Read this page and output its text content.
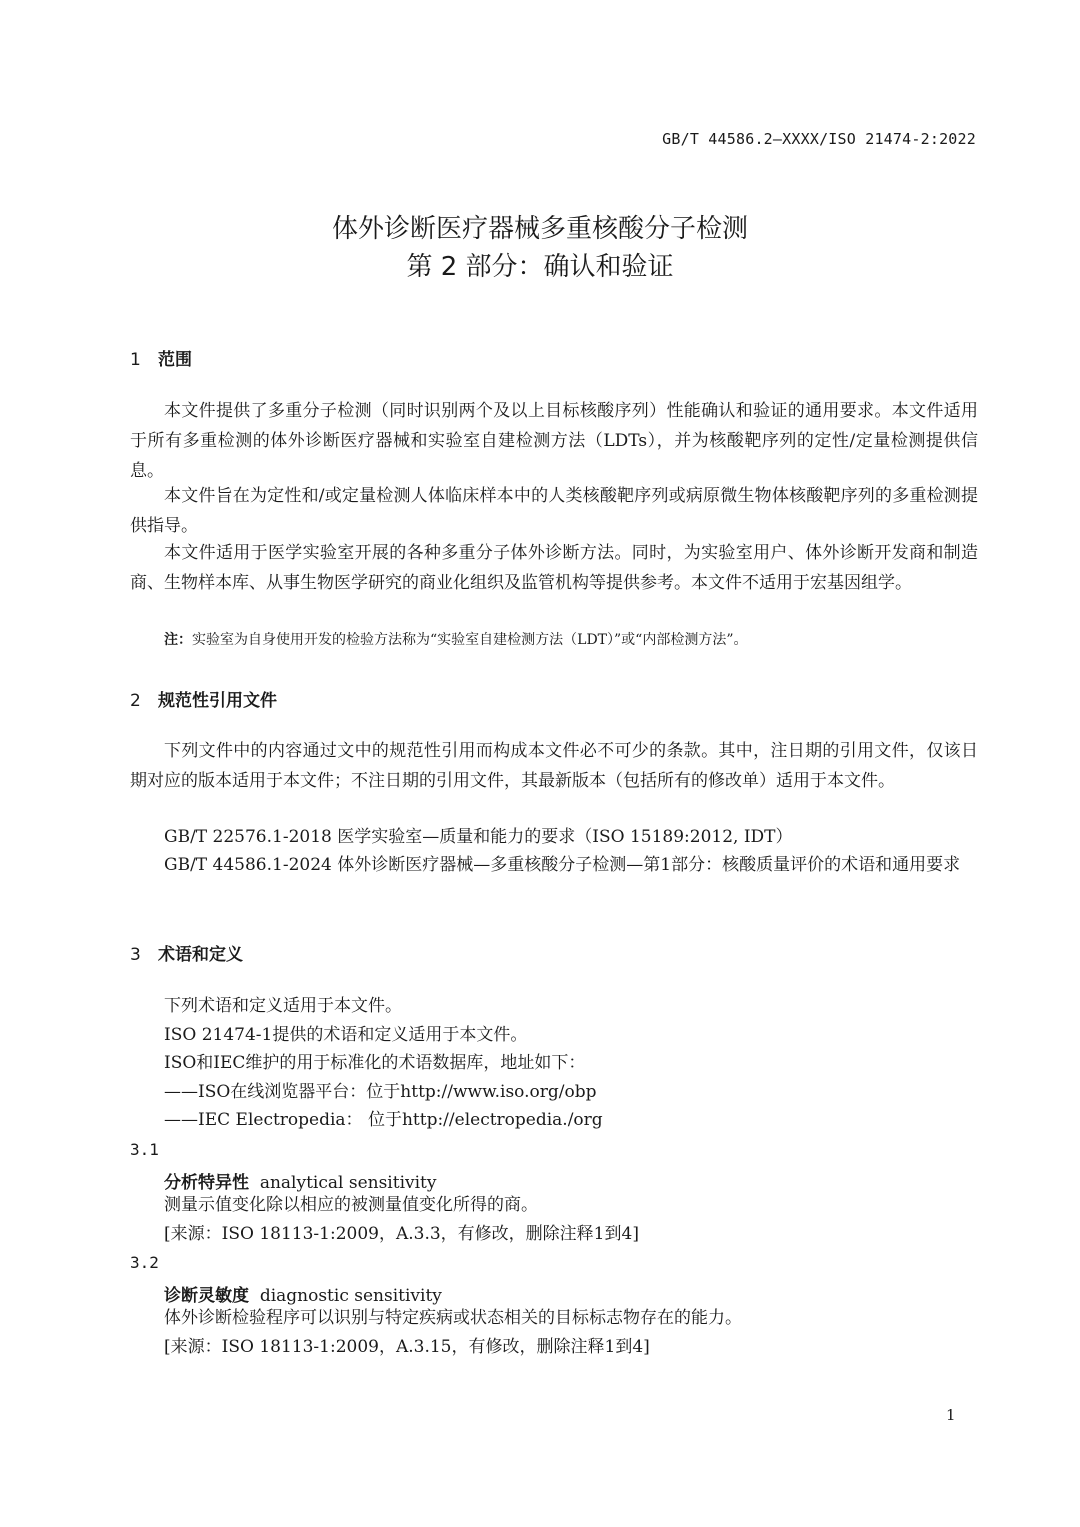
GB/T 44586.2—XXXX/ISO 21474-2:2022
体外诊断医疗器械多重核酸分子检测
第 2 部分：确认和验证
1 范围
本文件提供了多重分子检测（同时识别两个及以上目标核酸序列）性能确认和验证的通用要求。本文件适用于所有多重检测的体外诊断医疗器械和实验室自建检测方法（LDTs），并为核酸靶序列的定性/定量检测提供信息。
本文件旨在为定性和/或定量检测人体临床样本中的人类核酸靶序列或病原微生物体核酸靶序列的多重检测提供指导。
本文件适用于医学实验室开展的各种多重分子体外诊断方法。同时，为实验室用户、体外诊断开发商和制造商、生物样本库、从事生物医学研究的商业化组织及监管机构等提供参考。本文件不适用于宏基因组学。
注：实验室为自身使用开发的检验方法称为“实验室自建检测方法（LDT）”或“内部检测方法”。
2 规范性引用文件
下列文件中的内容通过文中的规范性引用而构成本文件必不可少的条款。其中，注日期的引用文件，仅该日期对应的版本适用于本文件；不注日期的引用文件，其最新版本（包括所有的修改单）适用于本文件。
GB/T 22576.1-2018 医学实验室—质量和能力的要求（ISO 15189:2012, IDT）
GB/T 44586.1-2024 体外诊断医疗器械—多重核酸分子检测—第1部分：核酸质量评价的术语和通用要求
3 术语和定义
下列术语和定义适用于本文件。
ISO 21474-1提供的术语和定义适用于本文件。
ISO和IEC维护的用于标准化的术语数据库，地址如下：
——ISO在线浏览器平台：位于http://www.iso.org/obp
——IEC Electropedia： 位于http://electropedia./org
3.1
分析特异性 analytical sensitivity
测量示值变化除以相应的被测量值变化所得的商。
[来源：ISO 18113-1:2009，A.3.3，有修改，删除注释1到4]
3.2
诊断灵敏度 diagnostic sensitivity
体外诊断检验程序可以识别与特定疾病或状态相关的目标标志物存在的能力。
[来源：ISO 18113-1:2009，A.3.15，有修改，删除注释1到4]
1
